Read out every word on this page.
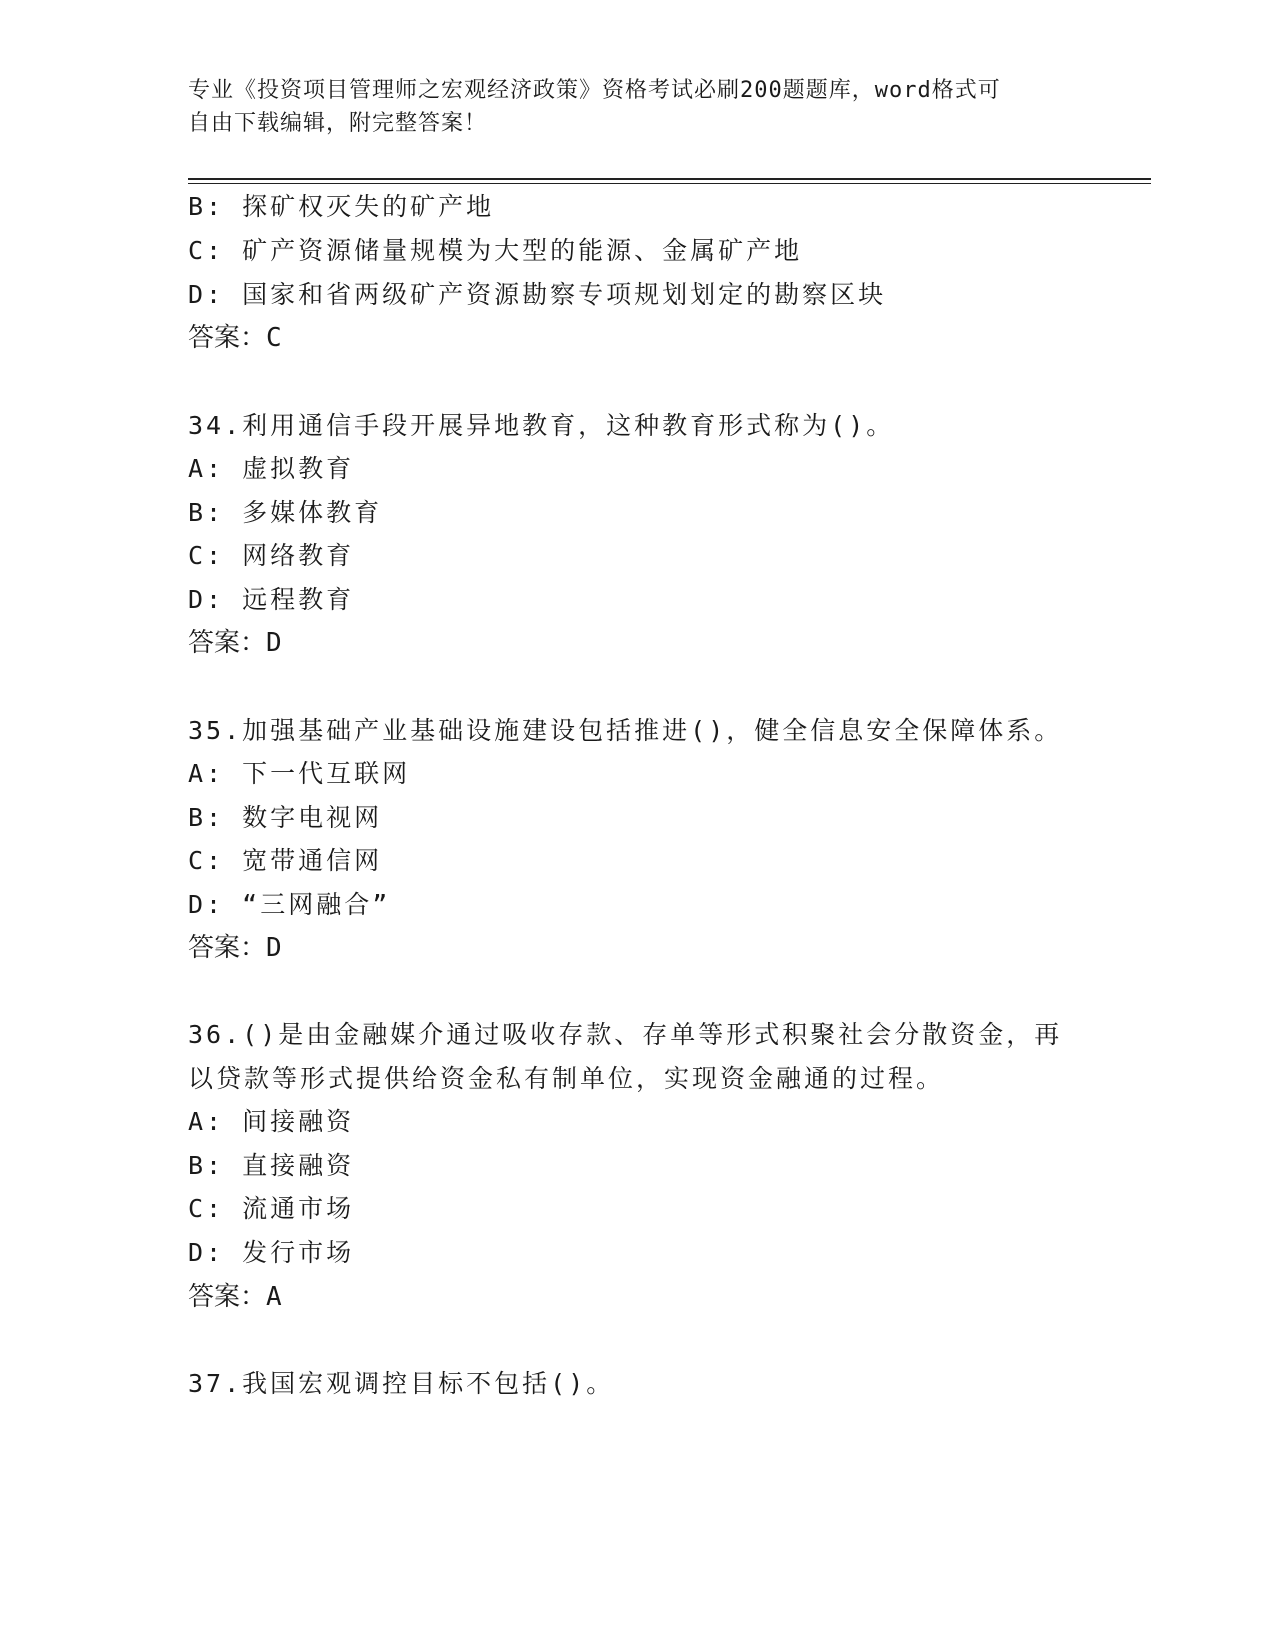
专业《投资项目管理师之宏观经济政策》资格考试必刷200题题库，word格式可
自由下载编辑，附完整答案！
B: 探矿权灭失的矿产地
C: 矿产资源储量规模为大型的能源、金属矿产地
D: 国家和省两级矿产资源勘察专项规划划定的勘察区块
答案：C
34.利用通信手段开展异地教育，这种教育形式称为()。
A: 虚拟教育
B: 多媒体教育
C: 网络教育
D: 远程教育
答案：D
35.加强基础产业基础设施建设包括推进()，健全信息安全保障体系。
A: 下一代互联网
B: 数字电视网
C: 宽带通信网
D: “三网融合”
答案：D
36.()是由金融媒介通过吸收存款、存单等形式积聚社会分散资金，再
以贷款等形式提供给资金私有制单位，实现资金融通的过程。
A: 间接融资
B: 直接融资
C: 流通市场
D: 发行市场
答案：A
37.我国宏观调控目标不包括()。
